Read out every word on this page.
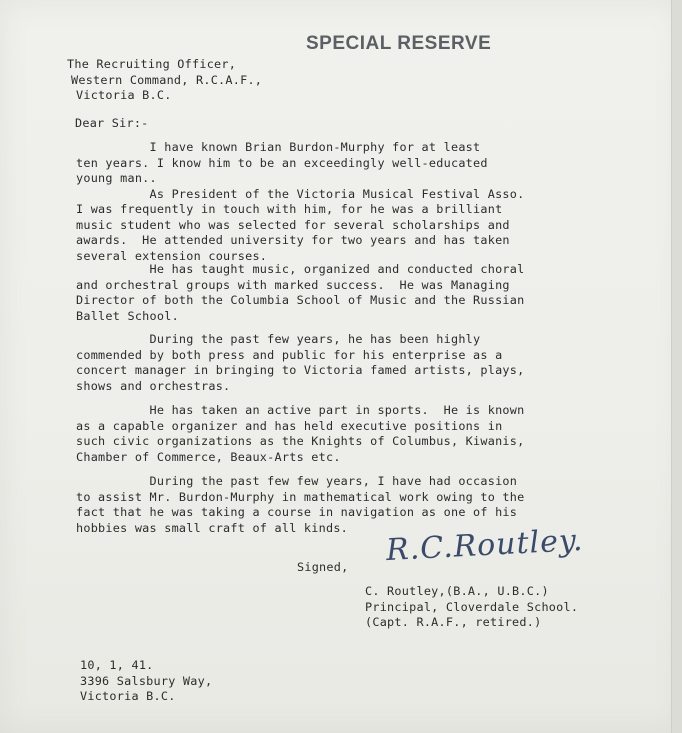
SPECIAL RESERVE
The Recruiting Officer,
Western Command, R.C.A.F.,
Victoria B.C.
Dear Sir:-
I have known Brian Burdon-Murphy for at least
ten years. I know him to be an exceedingly well-educated
young man..
As President of the Victoria Musical Festival Asso.
I was frequently in touch with him, for he was a brilliant
music student who was selected for several scholarships and
awards.  He attended university for two years and has taken
several extension courses.
He has taught music, organized and conducted choral
and orchestral groups with marked success.  He was Managing
Director of both the Columbia School of Music and the Russian
Ballet School.
During the past few years, he has been highly
commended by both press and public for his enterprise as a
concert manager in bringing to Victoria famed artists, plays,
shows and orchestras.
He has taken an active part in sports.  He is known
as a capable organizer and has held executive positions in
such civic organizations as the Knights of Columbus, Kiwanis,
Chamber of Commerce, Beaux-Arts etc.
During the past few few years, I have had occasion
to assist Mr. Burdon-Murphy in mathematical work owing to the
fact that he was taking a course in navigation as one of his
hobbies was small craft of all kinds.	R.C.Routley.
Signed,
C. Routley,(B.A., U.B.C.)
Principal, Cloverdale School.
(Capt. R.A.F., retired.)
10, 1, 41.
3396 Salsbury Way,
Victoria B.C.
